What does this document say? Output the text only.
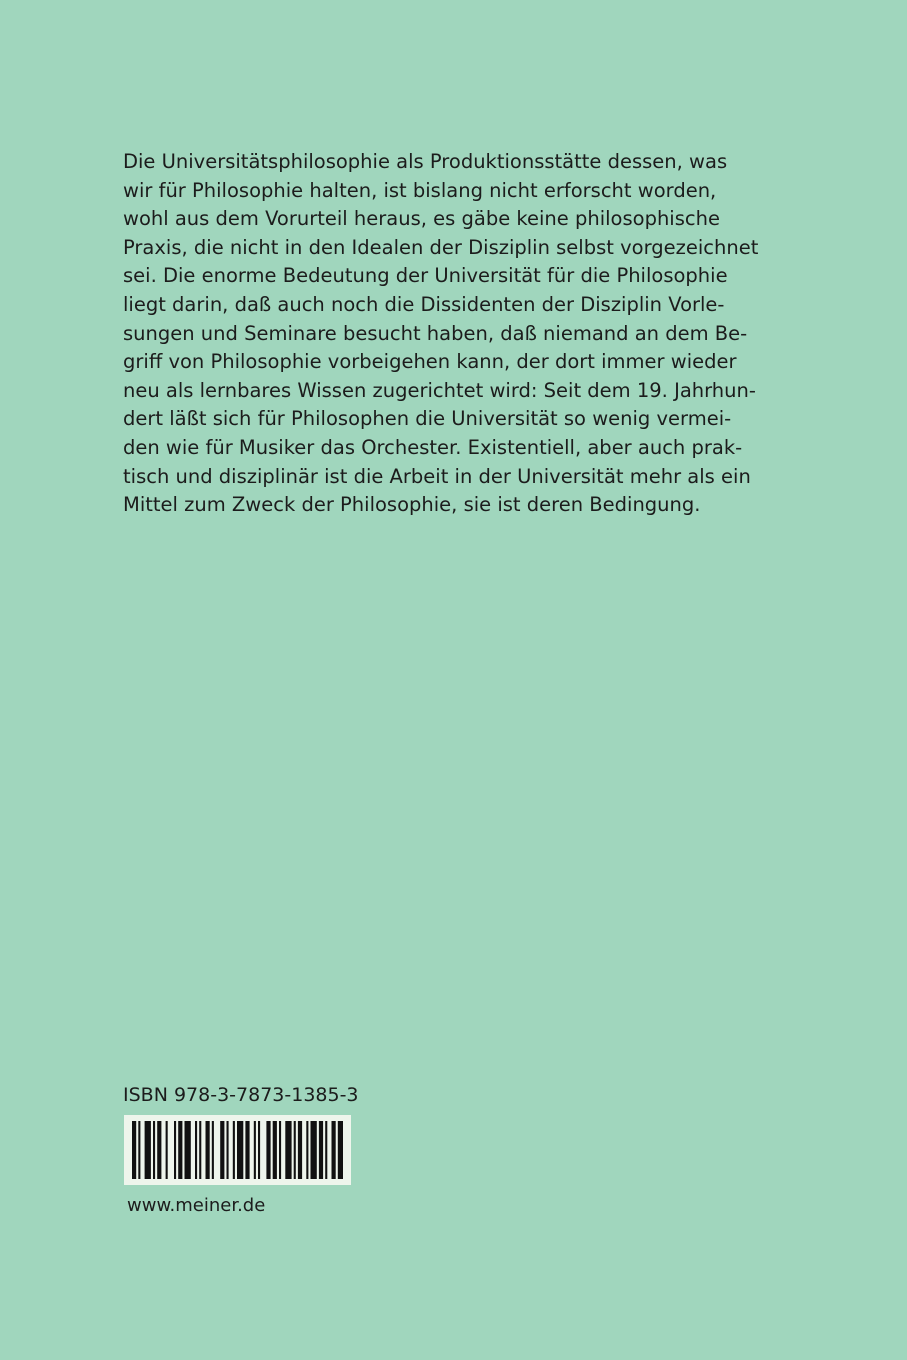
Die Universitätsphilosophie als Produktionsstätte dessen, was
wir für Philosophie halten, ist bislang nicht erforscht worden,
wohl aus dem Vorurteil heraus, es gäbe keine philosophische
Praxis, die nicht in den Idealen der Disziplin selbst vorgezeichnet
sei. Die enorme Bedeutung der Universität für die Philosophie
liegt darin, daß auch noch die Dissidenten der Disziplin Vorle-
sungen und Seminare besucht haben, daß niemand an dem Be-
griff von Philosophie vorbeigehen kann, der dort immer wieder
neu als lernbares Wissen zugerichtet wird: Seit dem 19. Jahrhun-
dert läßt sich für Philosophen die Universität so wenig vermei-
den wie für Musiker das Orchester. Existentiell, aber auch prak-
tisch und disziplinär ist die Arbeit in der Universität mehr als ein
Mittel zum Zweck der Philosophie, sie ist deren Bedingung.
ISBN 978-3-7873-1385-3
www.meiner.de
